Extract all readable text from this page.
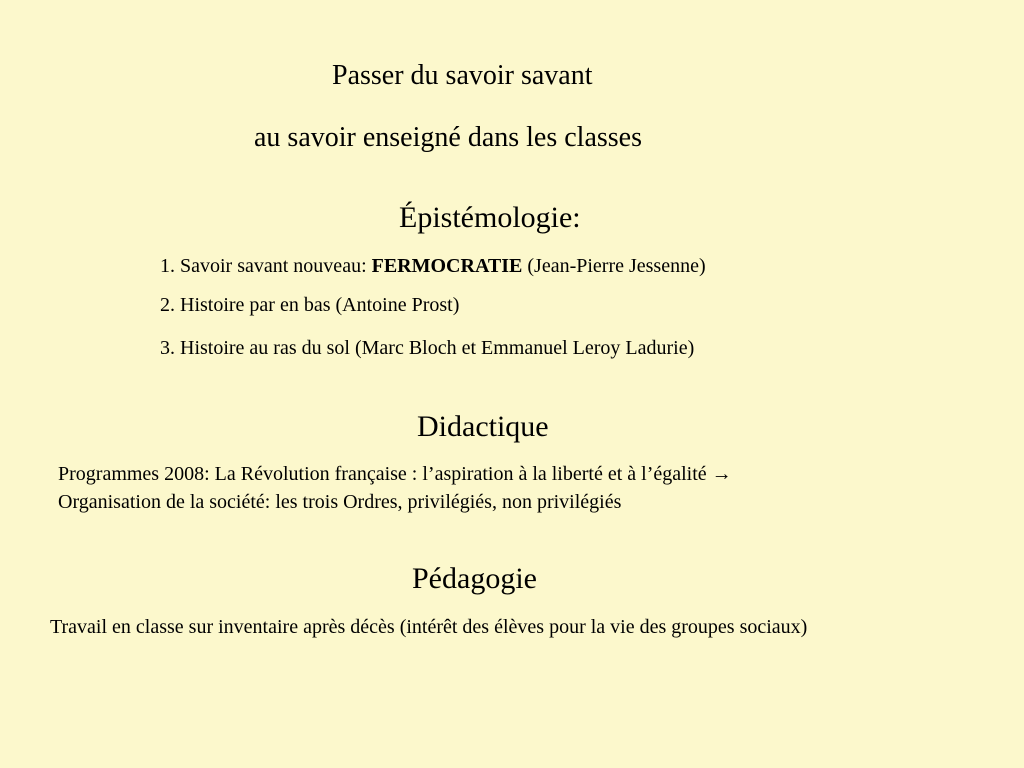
Passer du savoir savant
au savoir enseigné dans les classes
Épistémologie:
1. Savoir savant nouveau: FERMOCRATIE (Jean-Pierre Jessenne)
2. Histoire par en bas (Antoine Prost)
3. Histoire au ras du sol (Marc Bloch et Emmanuel Leroy Ladurie)
Didactique
Programmes 2008: La Révolution française : l’aspiration à la liberté et à l’égalité →
Organisation de la société: les trois Ordres, privilégiés, non privilégiés
Pédagogie
Travail en classe sur inventaire après décès (intérêt des élèves pour la vie des groupes sociaux)
